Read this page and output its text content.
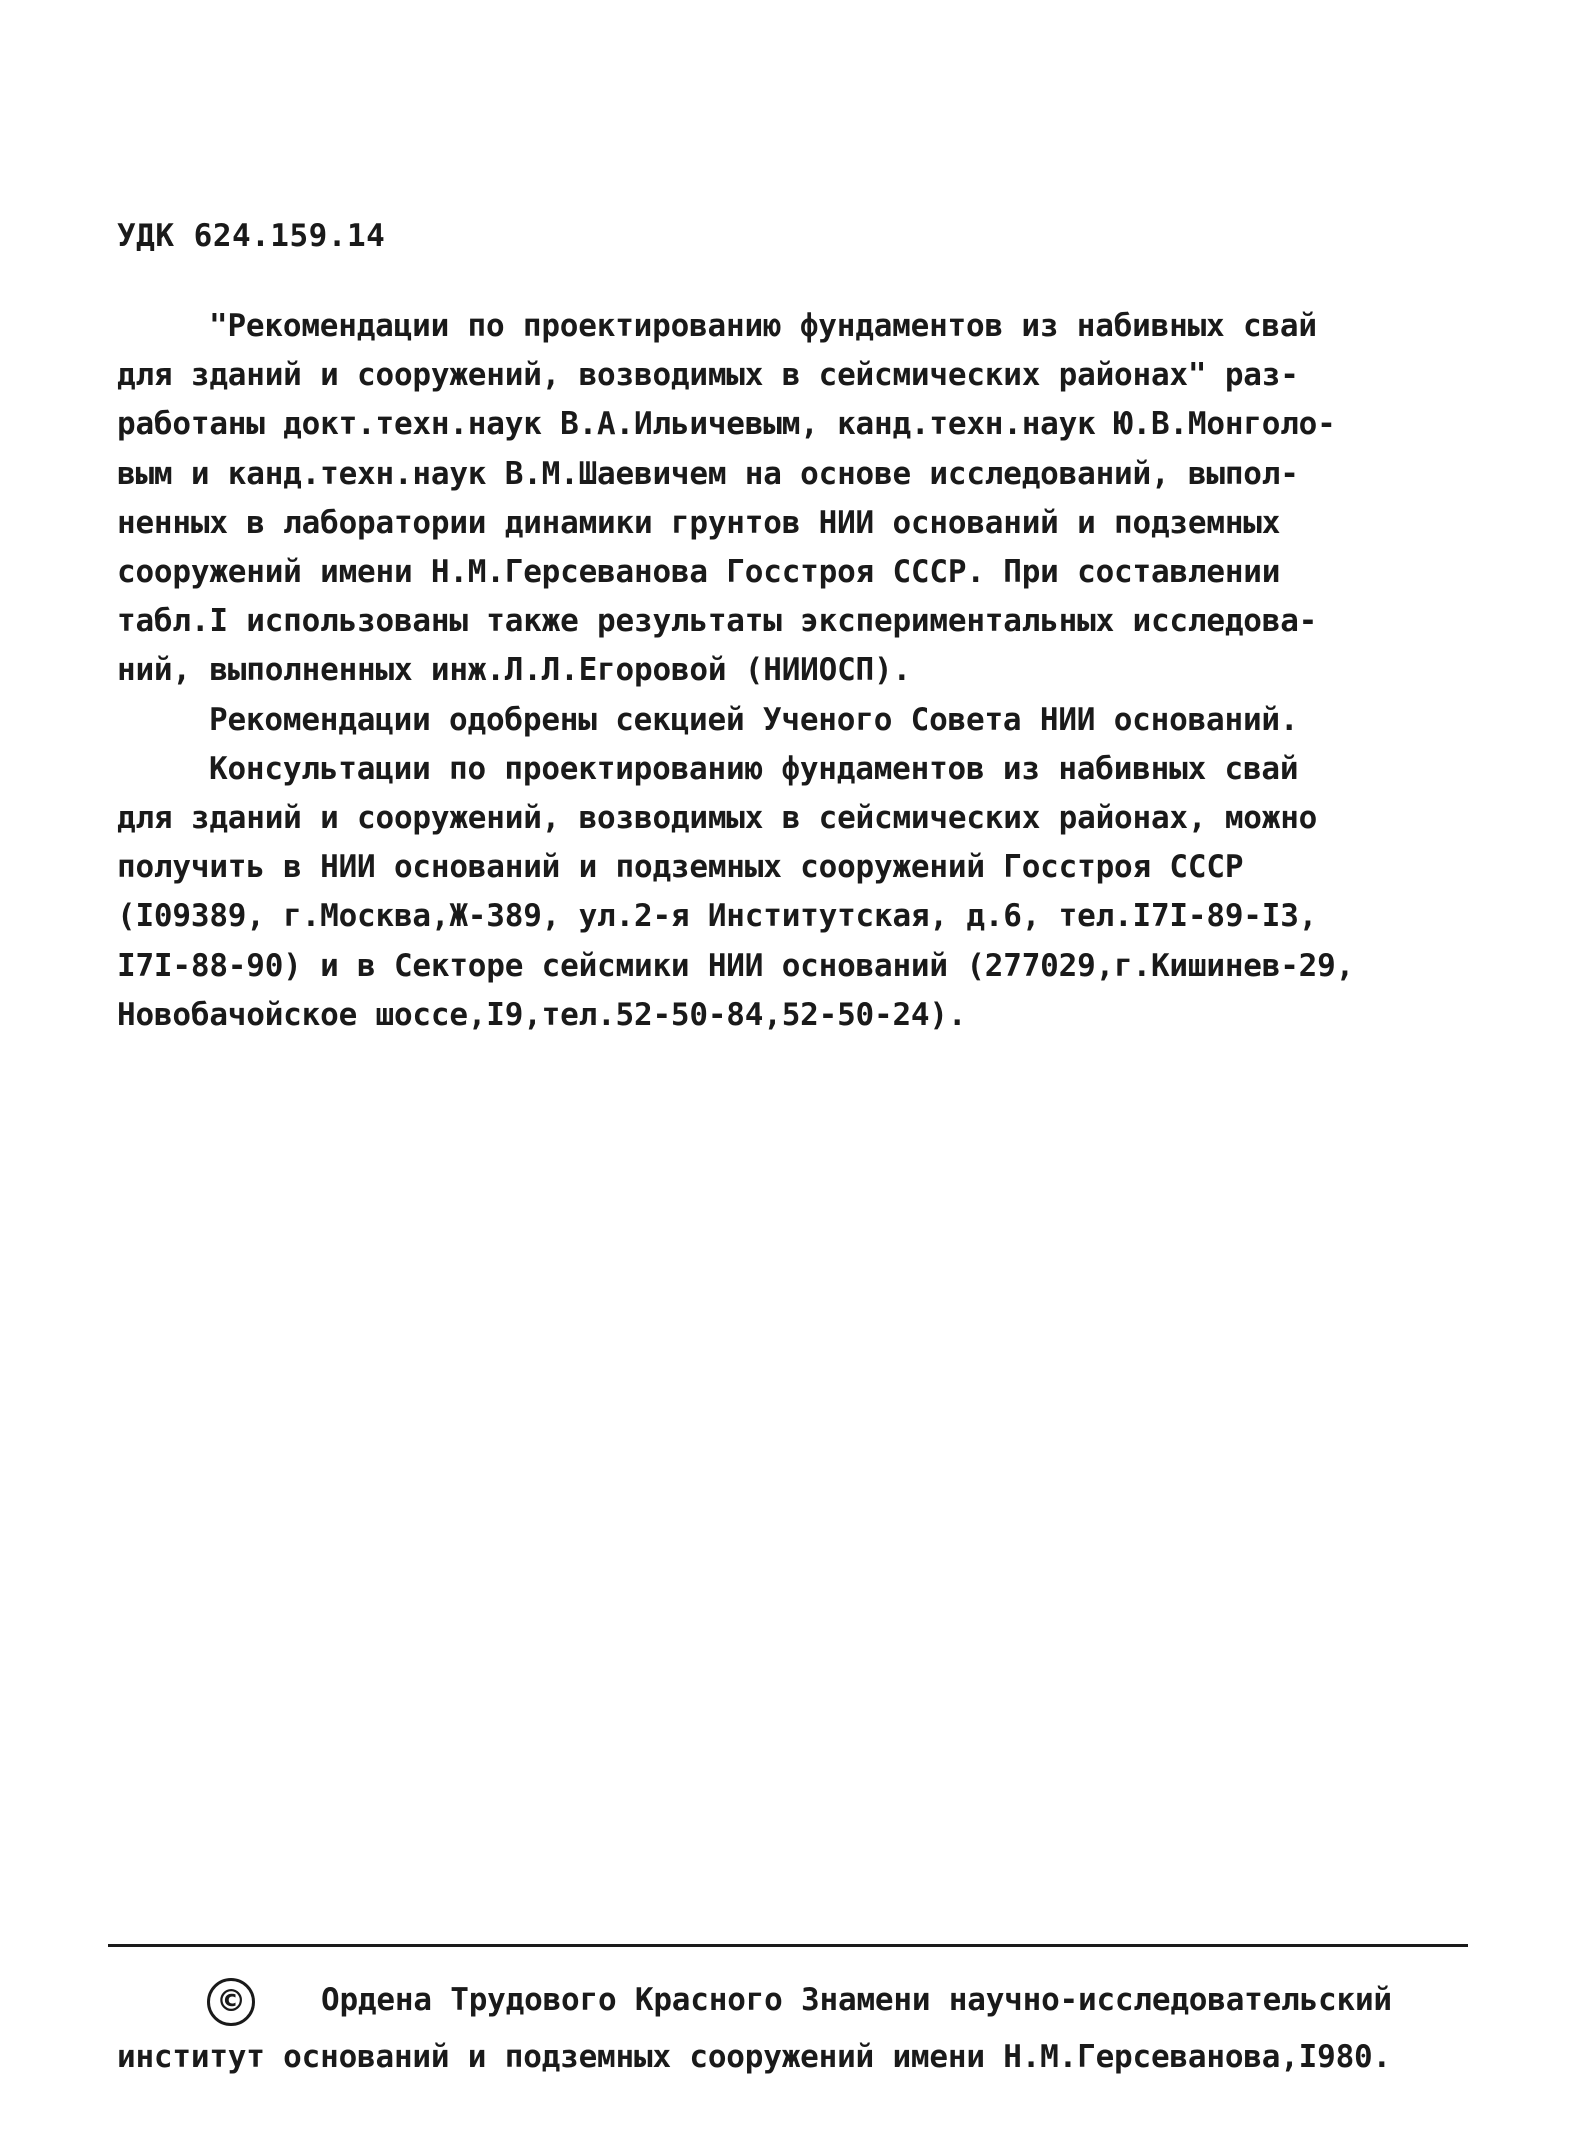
УДК 624.159.14
"Рекомендации по проектированию фундаментов из набивных свай
для зданий и сооружений, возводимых в сейсмических районах" раз-
работаны докт.техн.наук В.А.Ильичевым, канд.техн.наук Ю.В.Монголо-
вым и канд.техн.наук В.М.Шаевичем на основе исследований, выпол-
ненных в лаборатории динамики грунтов НИИ оснований и подземных
сооружений имени Н.М.Герсеванова Госстроя СССР. При составлении
табл.I использованы также результаты экспериментальных исследова-
ний, выполненных инж.Л.Л.Егоровой (НИИОСП).
Рекомендации одобрены секцией Ученого Совета НИИ оснований.
Консультации по проектированию фундаментов из набивных свай
для зданий и сооружений, возводимых в сейсмических районах, можно
получить в НИИ оснований и подземных сооружений Госстроя СССР
(I09389, г.Москва,Ж-389, ул.2-я Институтская, д.6, тел.I7I-89-I3,
I7I-88-90) и в Секторе сейсмики НИИ оснований (277029,г.Кишинев-29,
Новобачойское шоссе,I9,тел.52-50-84,52-50-24).
© Ордена Трудового Красного Знамени научно-исследовательский
институт оснований и подземных сооружений имени Н.М.Герсеванова,I980.
